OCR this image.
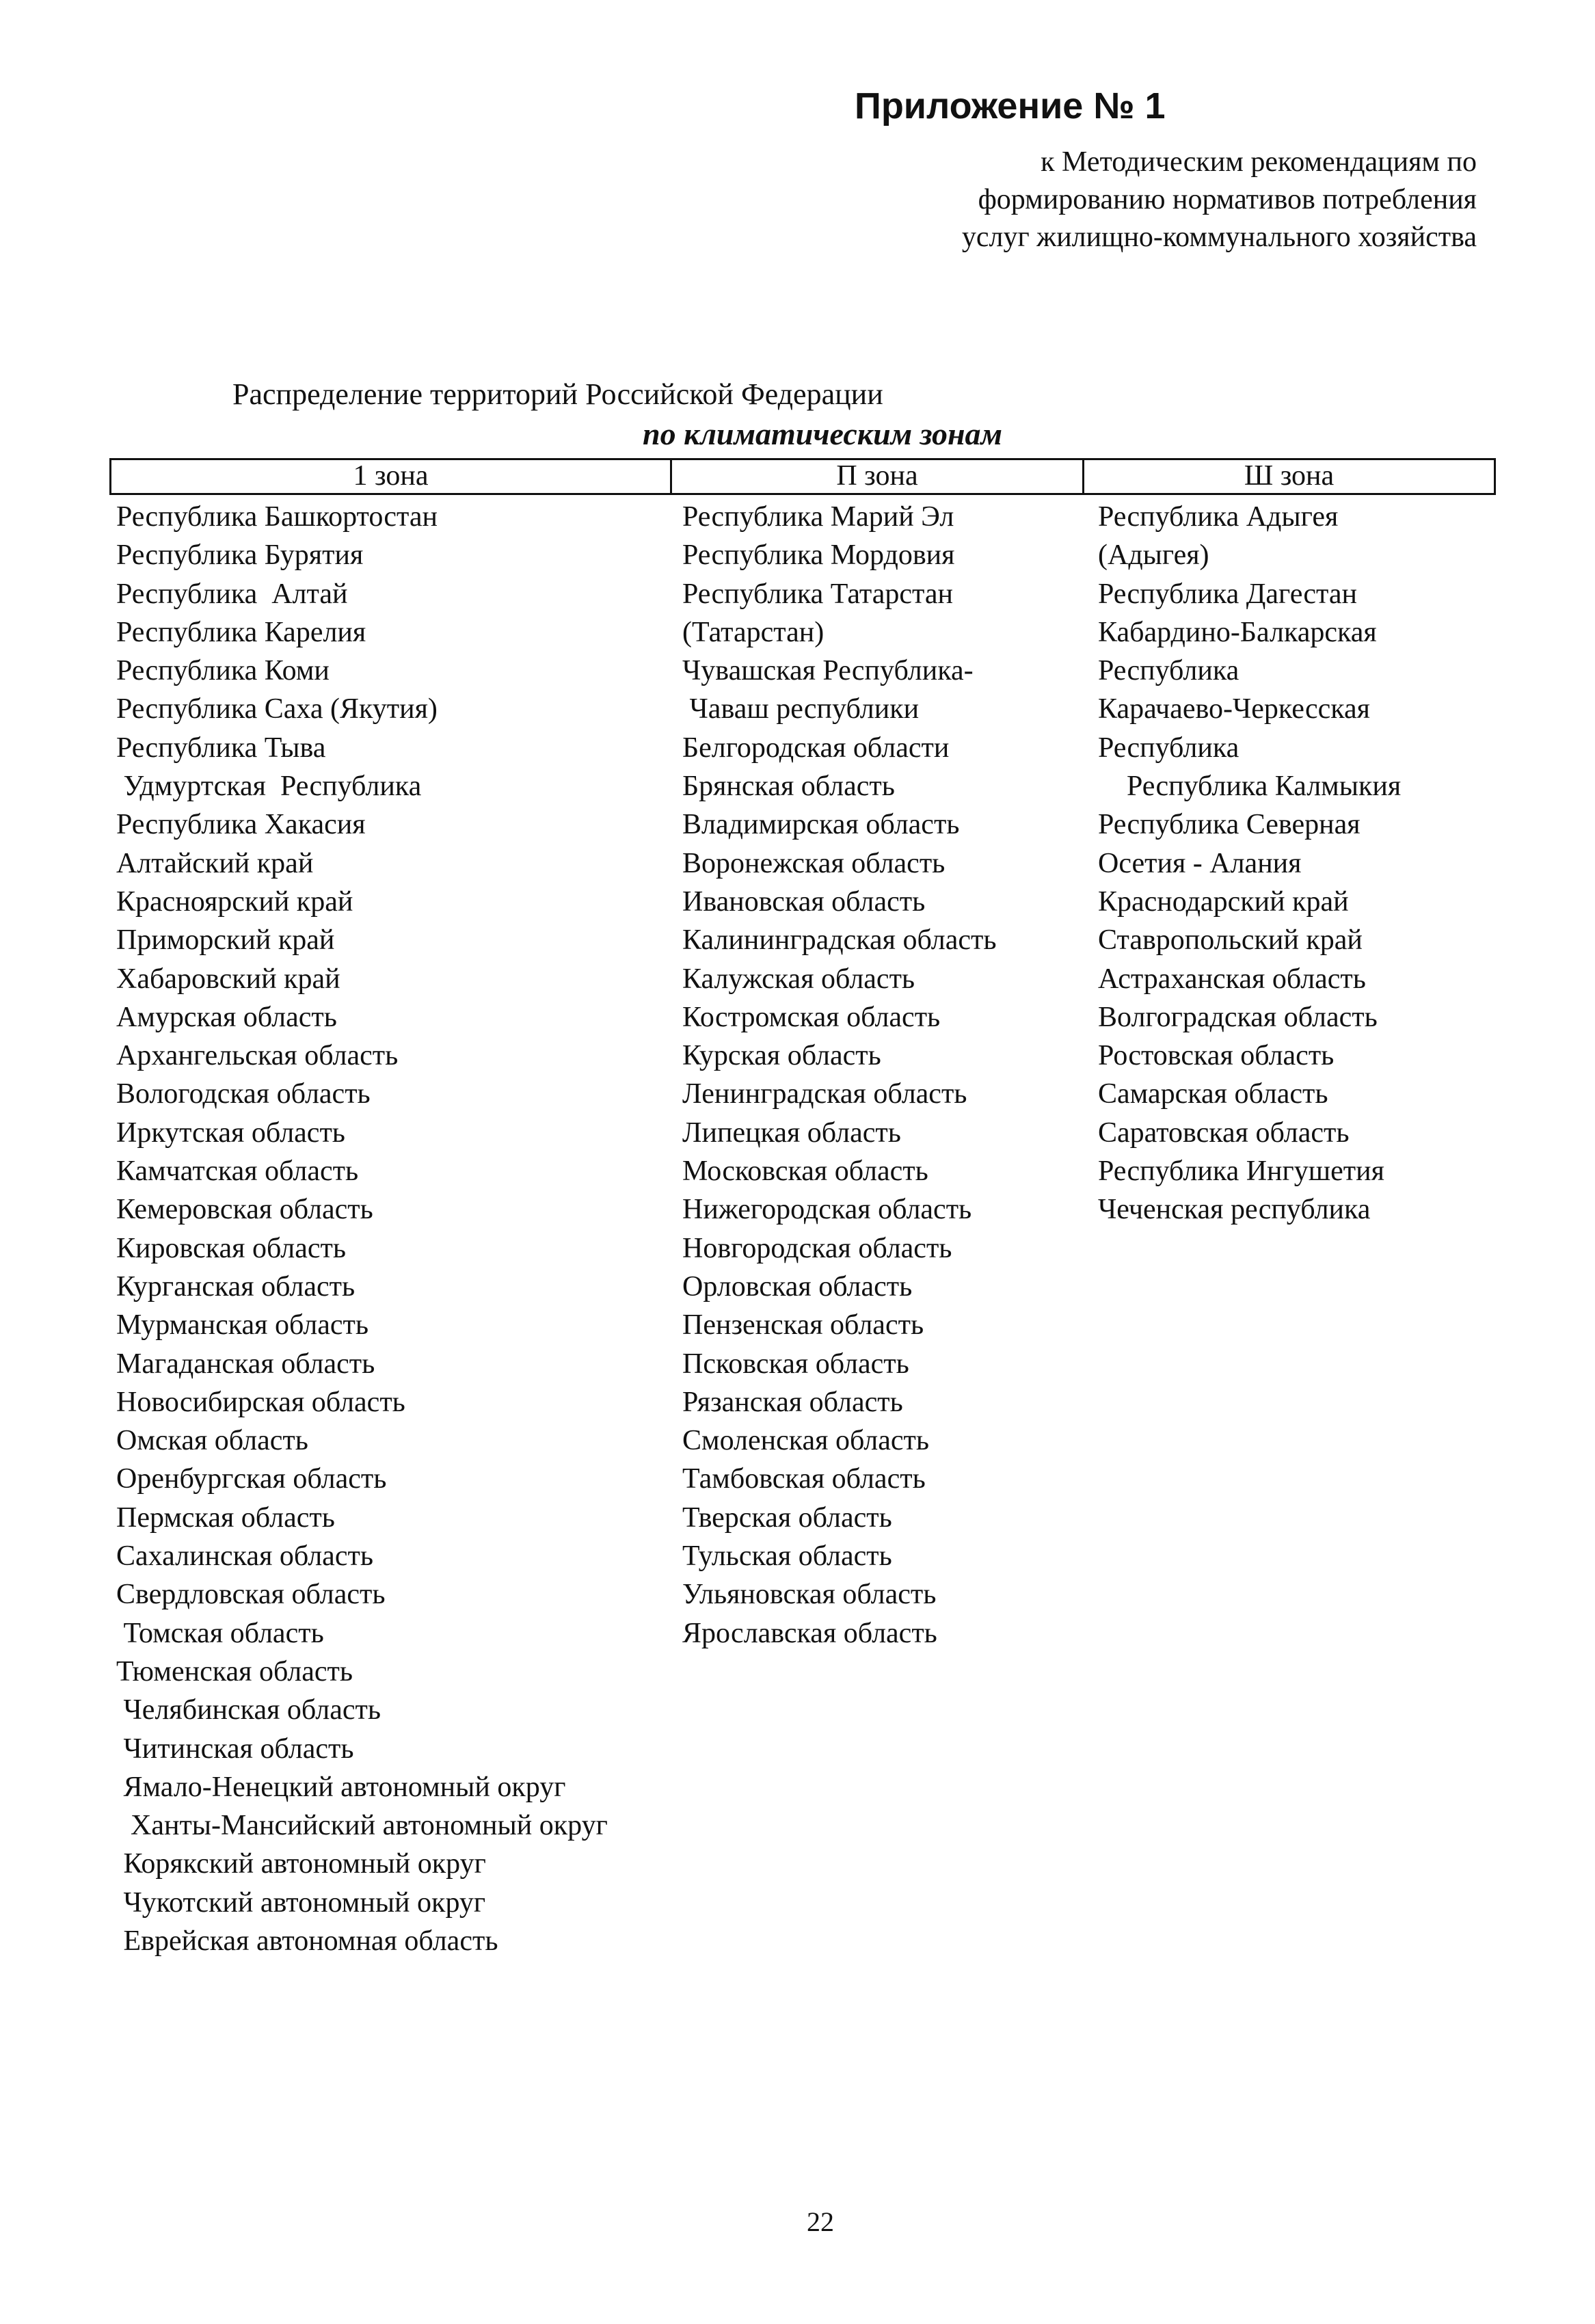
Приложение № 1
к Методическим рекомендациям по
формированию нормативов потребления
услуг жилищно-коммунального хозяйства
Распределение территорий Российской Федерации
по климатическим зонам
1 зона	П зона	Ш зона
Республика Башкортостан
Республика Бурятия
Республика  Алтай
Республика Карелия
Республика Коми
Республика Саха (Якутия)
Республика Тыва
Удмуртская  Республика
Республика Хакасия
Алтайский край
Красноярский край
Приморский край
Хабаровский край
Амурская область
Архангельская область
Вологодская область
Иркутская область
Камчатская область
Кемеровская область
Кировская область
Курганская область
Мурманская область
Магаданская область
Новосибирская область
Омская область
Оренбургская область
Пермская область
Сахалинская область
Свердловская область
Томская область
Тюменская область
Челябинская область
Читинская область
Ямало-Ненецкий автономный округ
Ханты-Мансийский автономный округ
Корякский автономный округ
Чукотский автономный округ
Еврейская автономная область
Республика Марий Эл
Республика Мордовия
Республика Татарстан
(Татарстан)
Чувашская Республика-
Чаваш республики
Белгородская области
Брянская область
Владимирская область
Воронежская область
Ивановская область
Калининградская область
Калужская область
Костромская область
Курская область
Ленинградская область
Липецкая область
Московская область
Нижегородская область
Новгородская область
Орловская область
Пензенская область
Псковская область
Рязанская область
Смоленская область
Тамбовская область
Тверская область
Тульская область
Ульяновская область
Ярославская область
Республика Адыгея
(Адыгея)
Республика Дагестан
Кабардино-Балкарская
Республика
Карачаево-Черкесская
Республика
Республика Калмыкия
Республика Северная
Осетия - Алания
Краснодарский край
Ставропольский край
Астраханская область
Волгоградская область
Ростовская область
Самарская область
Саратовская область
Республика Ингушетия
Чеченская республика
22
